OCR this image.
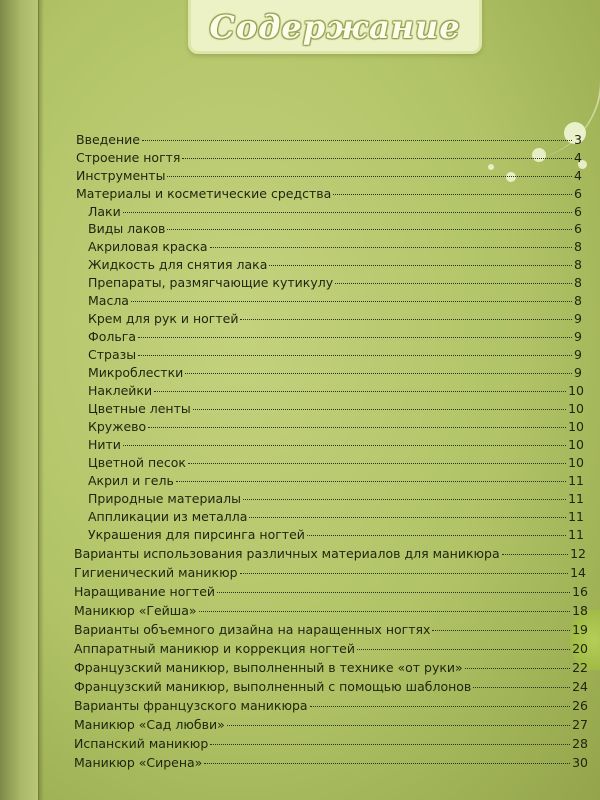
Содержание
Введение	3
Строение ногтя	4
Инструменты	4
Материалы и косметические средства	6
Лаки	6
Виды лаков	6
Акриловая краска	8
Жидкость для снятия лака	8
Препараты, размягчающие кутикулу	8
Масла	8
Крем для рук и ногтей	9
Фольга	9
Стразы	9
Микроблестки	9
Наклейки	10
Цветные ленты	10
Кружево	10
Нити	10
Цветной песок	10
Акрил и гель	11
Природные материалы	11
Аппликации из металла	11
Украшения для пирсинга ногтей	11
Варианты использования различных материалов для маникюра	12
Гигиенический маникюр	14
Наращивание ногтей	16
Маникюр «Гейша»	18
Варианты объемного дизайна на наращенных ногтях	19
Аппаратный маникюр и коррекция ногтей	20
Французский маникюр, выполненный в технике «от руки»	22
Французский маникюр, выполненный с помощью шаблонов	24
Варианты французского маникюра	26
Маникюр «Сад любви»	27
Испанский маникюр	28
Маникюр «Сирена»	30
